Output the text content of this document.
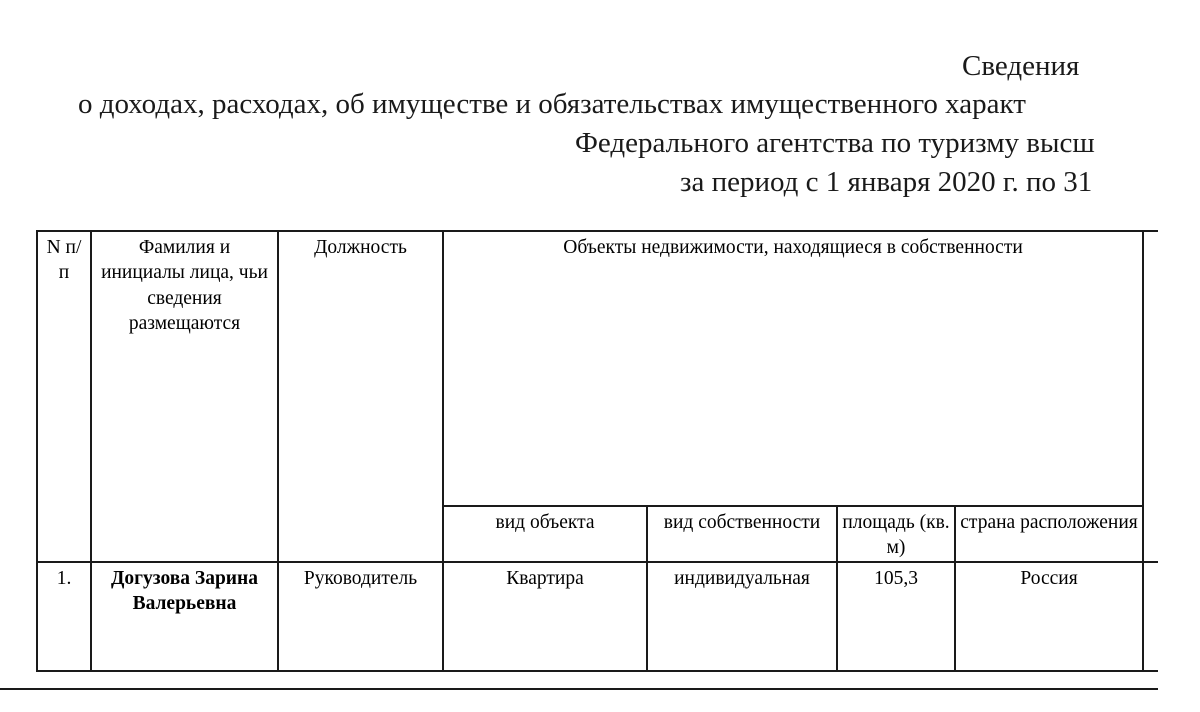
Сведения
о доходах, расходах, об имуществе и обязательствах имущественного характ
Федерального агентства по туризму высш
за период с 1 января 2020 г. по 31
N п/п	Фамилия и инициалы лица, чьи сведения размещаются	Должность	Объекты недвижимости, находящиеся в собственности				
			вид объекта	вид собственности	площадь (кв. м)	страна расположения	
1.	Догузова Зарина Валерьевна	Руководитель	Квартира	индивидуальная	105,3	Россия	
